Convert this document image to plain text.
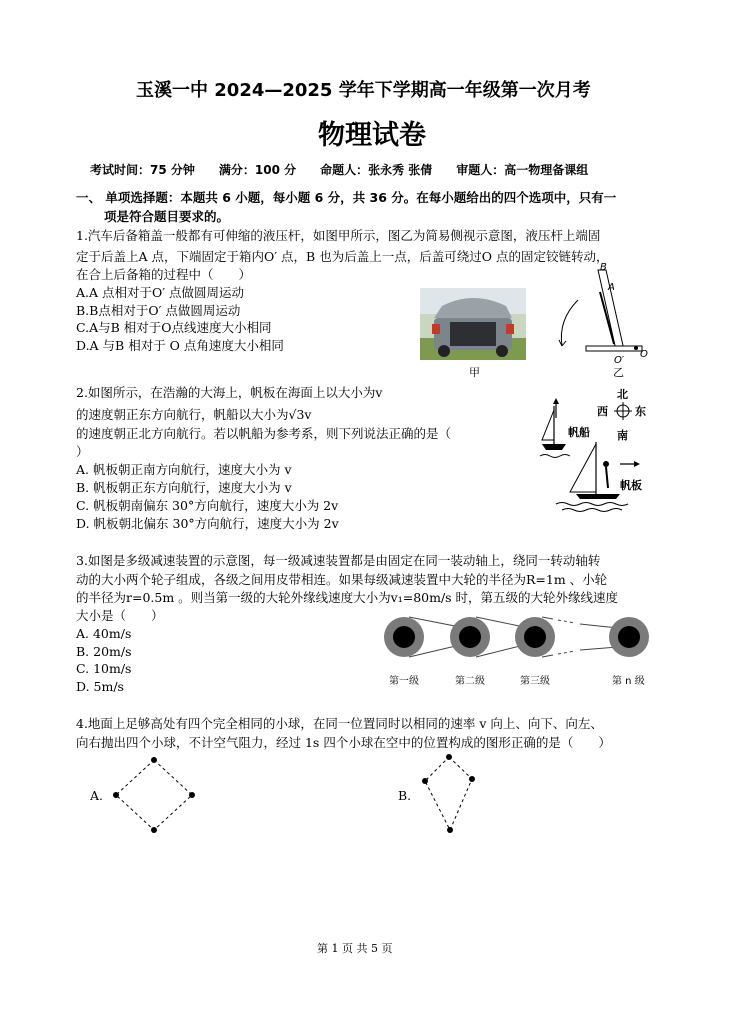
玉溪一中 2024—2025 学年下学期高一年级第一次月考
物理试卷
考试时间：75 分钟　　满分：100 分　　命题人：张永秀 张倩　　审题人：高一物理备课组
一、 单项选择题：本题共 6 小题，每小题 6 分，共 36 分。在每小题给出的四个选项中，只有一
项是符合题目要求的。
1.汽车后备箱盖一般都有可伸缩的液压杆，如图甲所示，图乙为简易侧视示意图，液压杆上端固
定于后盖上A 点，下端固定于箱内O′ 点，B 也为后盖上一点，后盖可绕过O 点的固定铰链转动，
在合上后备箱的过程中（　　）
A.A 点相对于O′ 点做圆周运动
B.B点相对于O′ 点做圆周运动
C.A与B 相对于O点线速度大小相同
D.A 与B 相对于 O 点角速度大小相同
甲
B
A
O
O′
乙
2.如图所示，在浩瀚的大海上，帆板在海面上以大小为v
的速度朝正东方向航行，帆船以大小为√3v
的速度朝正北方向航行。若以帆船为参考系，则下列说法正确的是（
）
A. 帆板朝正南方向航行，速度大小为 v
B. 帆板朝正东方向航行，速度大小为 v
C. 帆板朝南偏东 30°方向航行，速度大小为 2v
D. 帆板朝北偏东 30°方向航行，速度大小为 2v
北
南
西 东
帆船
帆板
3.如图是多级减速装置的示意图，每一级减速装置都是由固定在同一装动轴上，绕同一转动轴转
动的大小两个轮子组成，各级之间用皮带相连。如果每级减速装置中大轮的半径为R=1m 、小轮
的半径为r=0.5m 。则当第一级的大轮外缘线速度大小为v₁=80m/s 时，第五级的大轮外缘线速度
大小是（　　）
A. 40m/s
B. 20m/s
C. 10m/s
D. 5m/s	第一级	第二级	第三级	第 n 级
4.地面上足够高处有四个完全相同的小球，在同一位置同时以相同的速率 v 向上、向下、向左、
向右抛出四个小球，不计空气阻力，经过 1s 四个小球在空中的位置构成的图形正确的是（　　）
A.	B.
第 1 页 共 5 页
